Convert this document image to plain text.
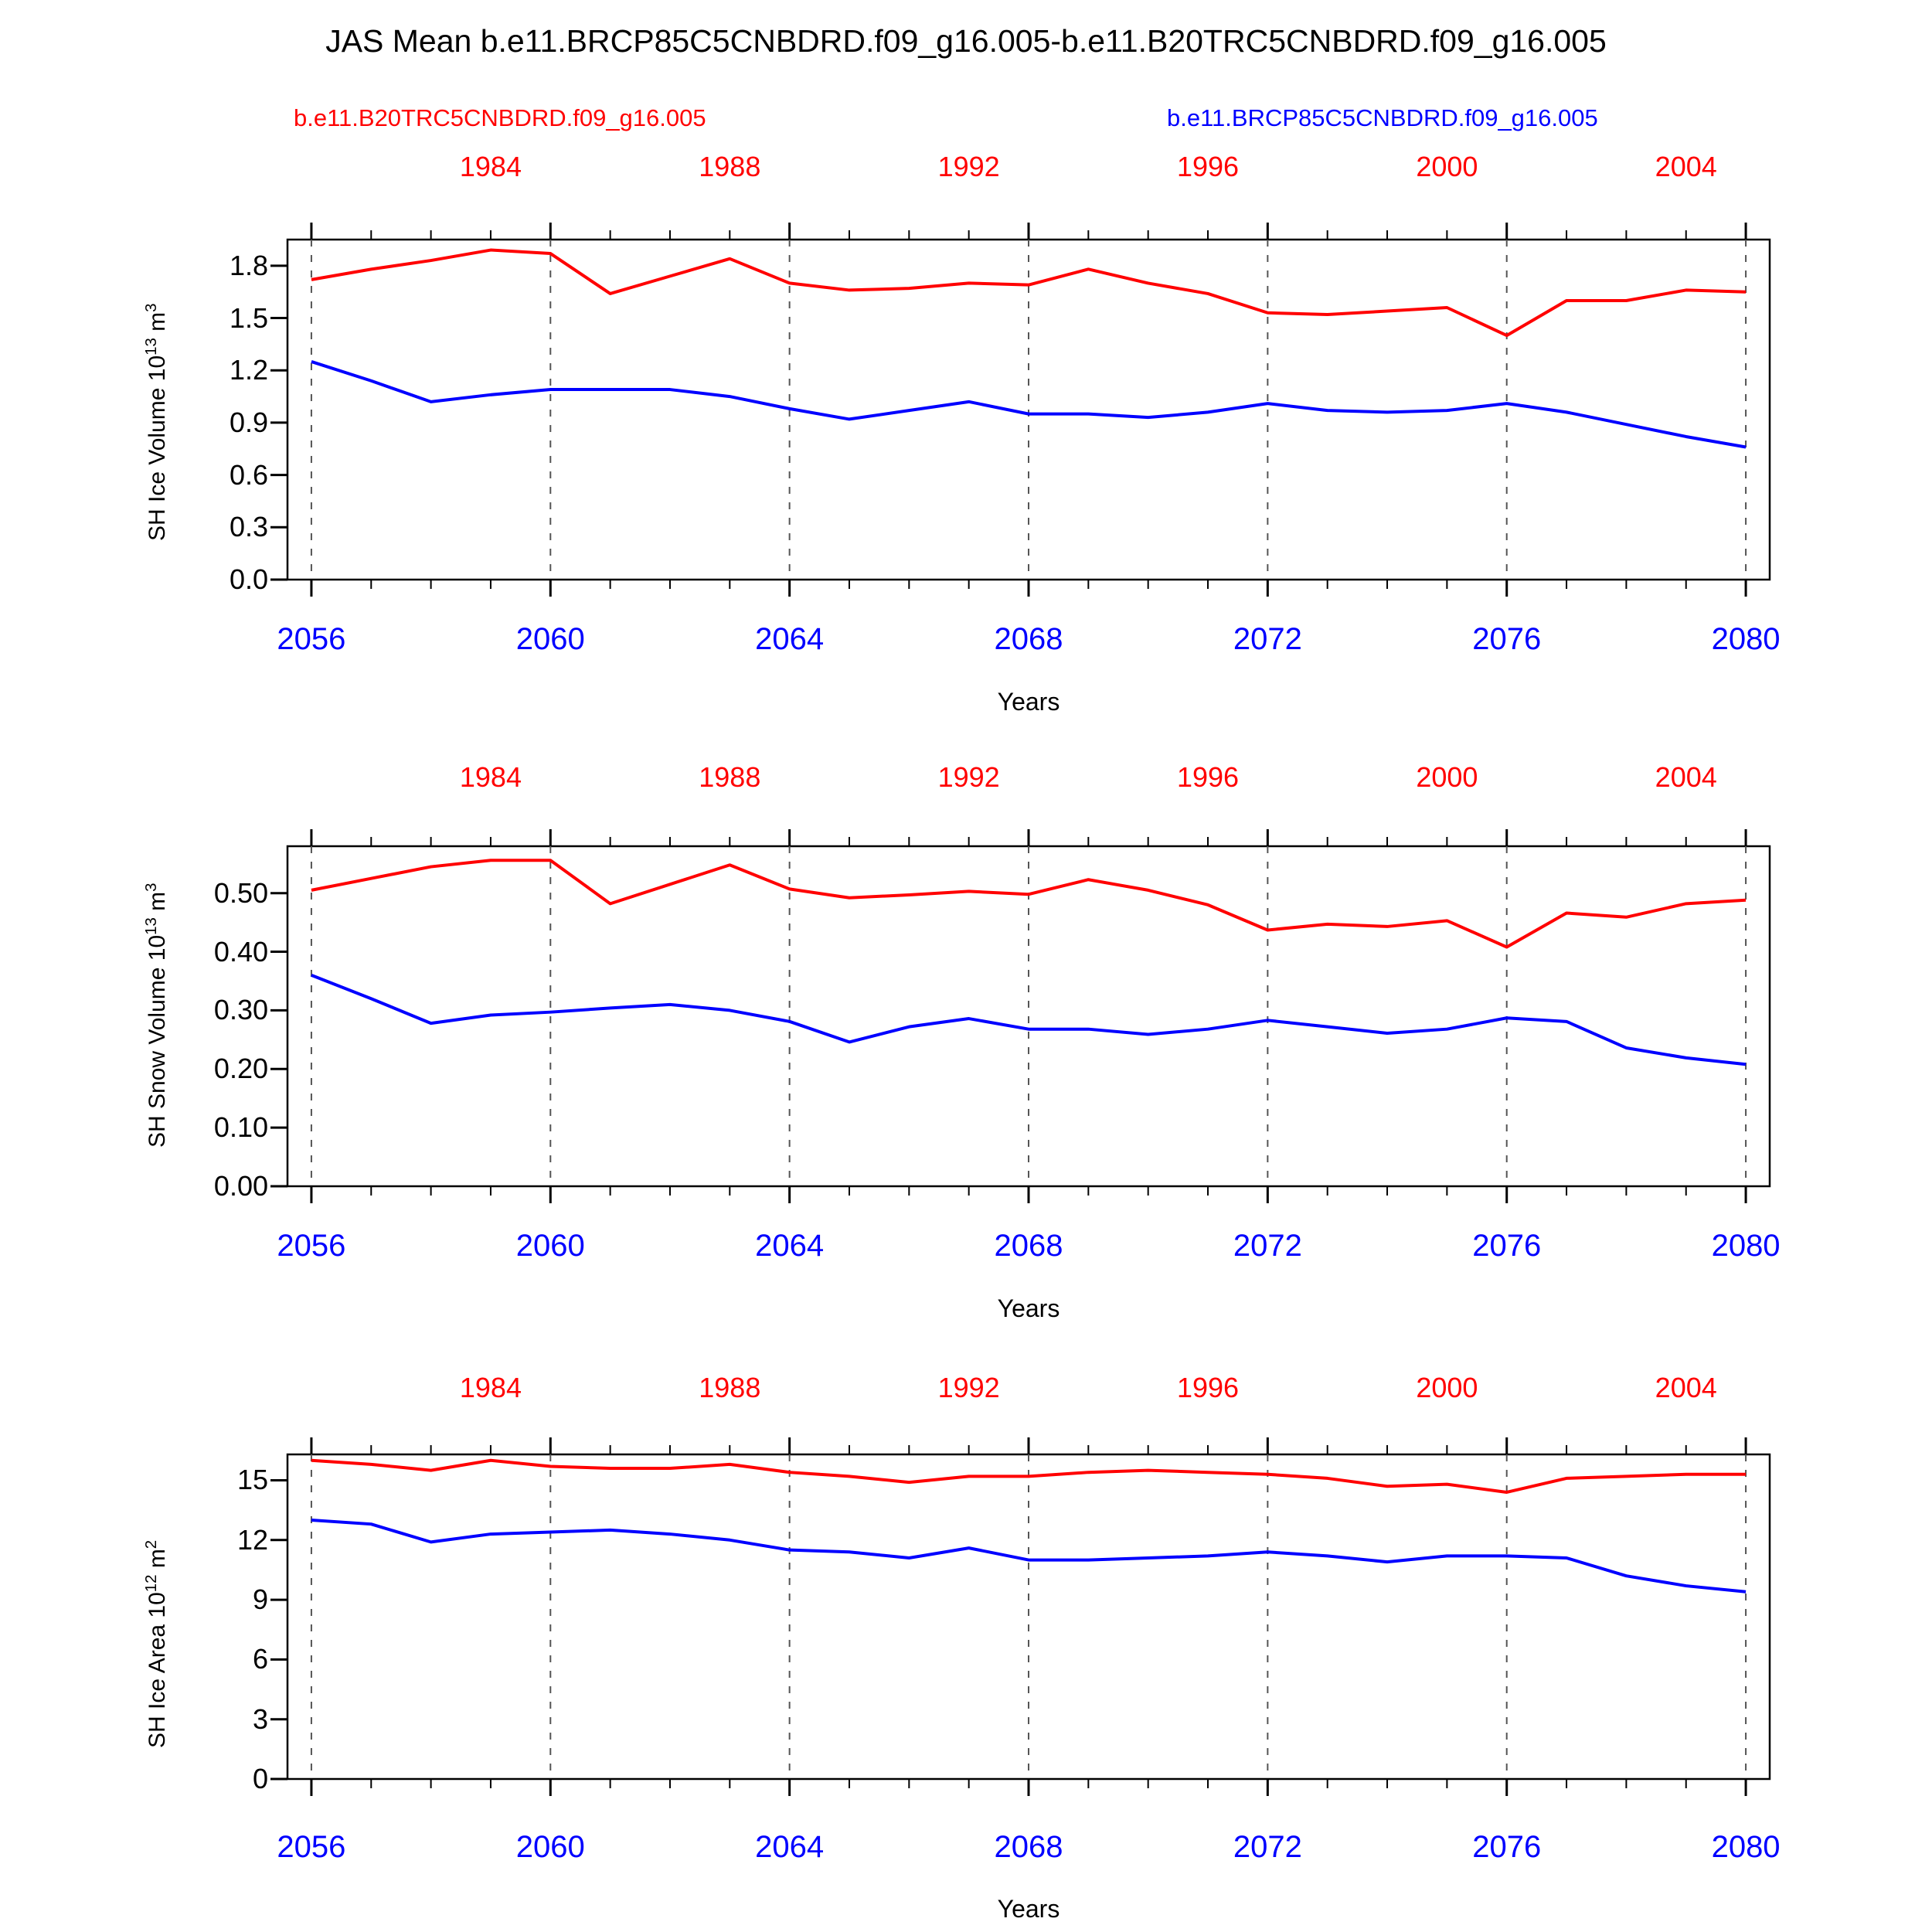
JAS Mean b.e11.BRCP85C5CNBDRD.f09_g16.005-b.e11.B20TRC5CNBDRD.f09_g16.005
b.e11.B20TRC5CNBDRD.f09_g16.005	b.e11.BRCP85C5CNBDRD.f09_g16.005
1984	1988	1992	1996	2000	2004
2056	2060	2064	2068	2072	2076	2080
Years
SH Ice Volume $10^{13}$ $m^3$
0.0
0.3
0.6
0.9
1.2
1.5
1.8
1984	1988	1992	1996	2000	2004
2056	2060	2064	2068	2072	2076	2080
Years
SH Snow Volume $10^{13}$ $m^3$
0.00
0.10
0.20
0.30
0.40
0.50
1984	1988	1992	1996	2000	2004
2056	2060	2064	2068	2072	2076	2080
Years
SH Ice Area $10^{12}$ $m^2$
0
3
6
9
12
15
